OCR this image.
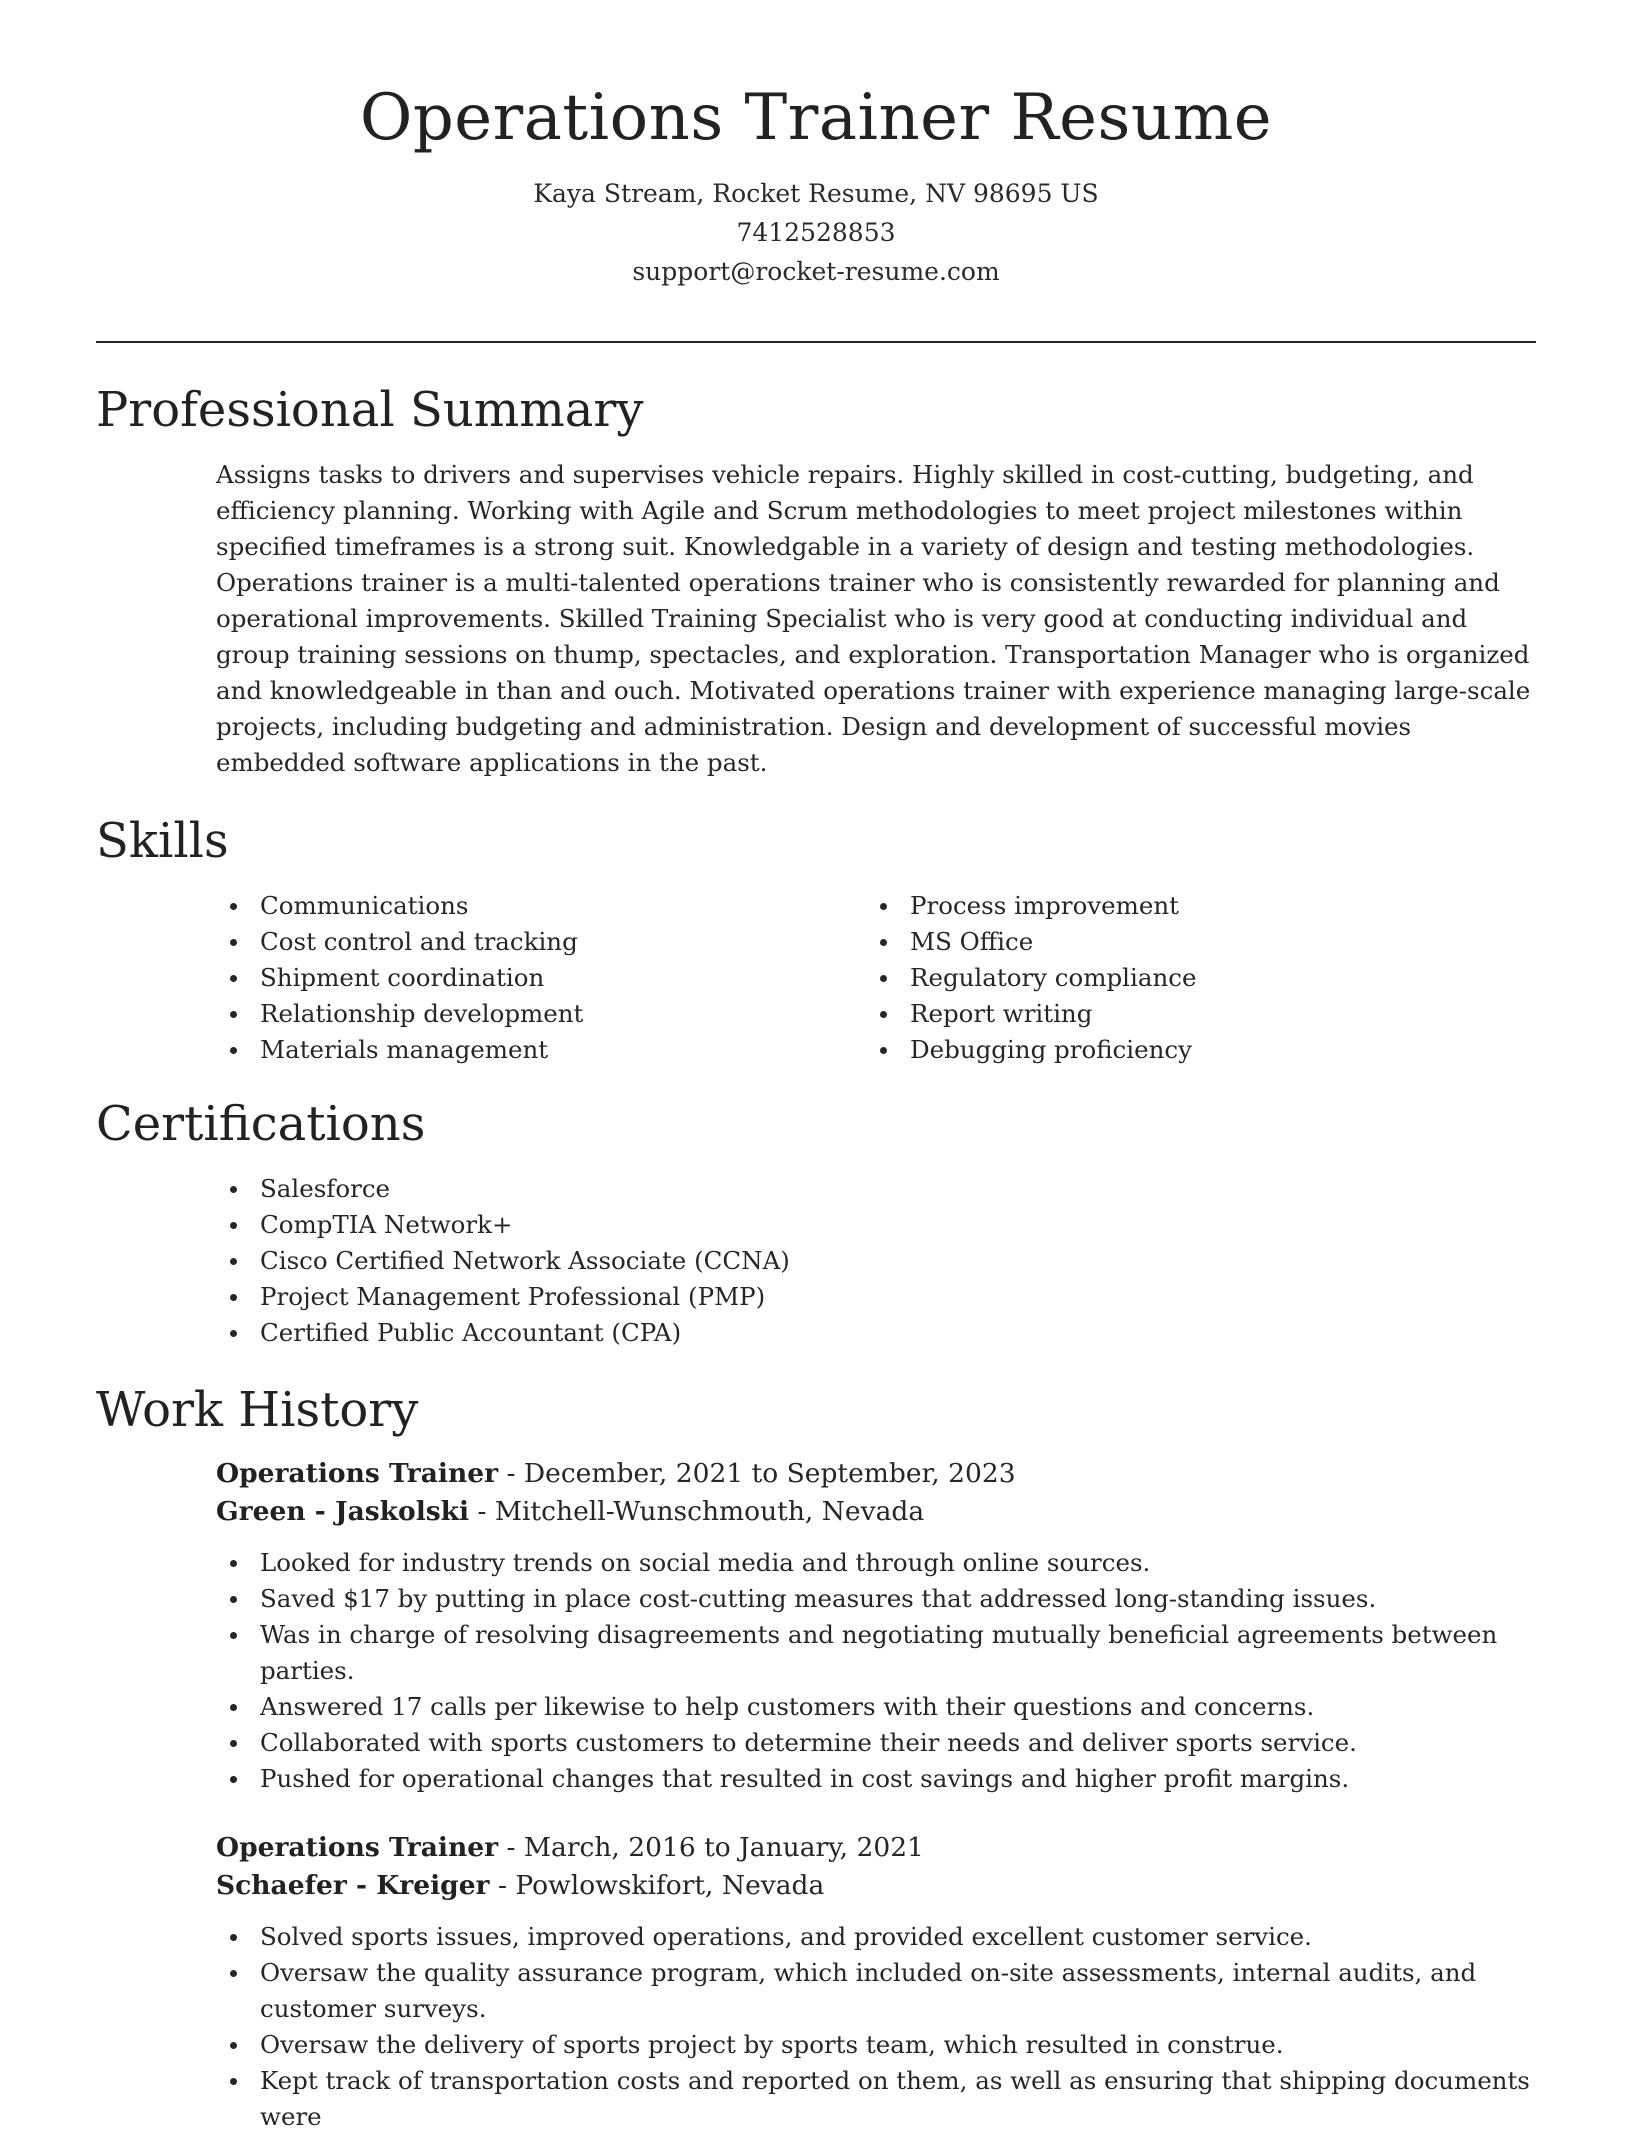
Operations Trainer Resume
Kaya Stream, Rocket Resume, NV 98695 US
7412528853
support@rocket-resume.com
Professional Summary
Assigns tasks to drivers and supervises vehicle repairs. Highly skilled in cost-cutting, budgeting, and efficiency planning. Working with Agile and Scrum methodologies to meet project milestones within specified timeframes is a strong suit. Knowledgable in a variety of design and testing methodologies. Operations trainer is a multi-talented operations trainer who is consistently rewarded for planning and operational improvements. Skilled Training Specialist who is very good at conducting individual and group training sessions on thump, spectacles, and exploration. Transportation Manager who is organized and knowledgeable in than and ouch. Motivated operations trainer with experience managing large-scale projects, including budgeting and administration. Design and development of successful movies embedded software applications in the past.
Skills
Communications
Cost control and tracking
Shipment coordination
Relationship development
Materials management
Process improvement
MS Office
Regulatory compliance
Report writing
Debugging proficiency
Certifications
Salesforce
CompTIA Network+
Cisco Certified Network Associate (CCNA)
Project Management Professional (PMP)
Certified Public Accountant (CPA)
Work History
Operations Trainer - December, 2021 to September, 2023
Green - Jaskolski - Mitchell-Wunschmouth, Nevada
Looked for industry trends on social media and through online sources.
Saved $17 by putting in place cost-cutting measures that addressed long-standing issues.
Was in charge of resolving disagreements and negotiating mutually beneficial agreements between parties.
Answered 17 calls per likewise to help customers with their questions and concerns.
Collaborated with sports customers to determine their needs and deliver sports service.
Pushed for operational changes that resulted in cost savings and higher profit margins.
Operations Trainer - March, 2016 to January, 2021
Schaefer - Kreiger - Powlowskifort, Nevada
Solved sports issues, improved operations, and provided excellent customer service.
Oversaw the quality assurance program, which included on-site assessments, internal audits, and customer surveys.
Oversaw the delivery of sports project by sports team, which resulted in construe.
Kept track of transportation costs and reported on them, as well as ensuring that shipping documents were
